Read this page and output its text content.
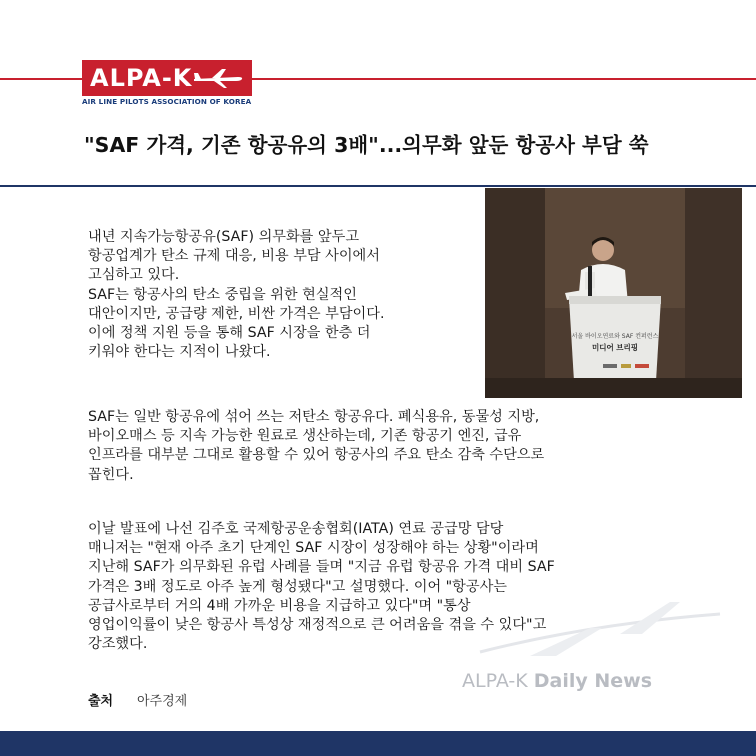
ALPA-K
AIR LINE PILOTS ASSOCIATION OF KOREA
"SAF 가격, 기존 항공유의 3배"...의무화 앞둔 항공사 부담 쑥
서울 바이오연료와 SAF 컨퍼런스
미디어 브리핑

내년 지속가능항공유(SAF) 의무화를 앞두고

항공업계가 탄소 규제 대응, 비용 부담 사이에서

고심하고 있다.

SAF는 항공사의 탄소 중립을 위한 현실적인

대안이지만, 공급량 제한, 비싼 가격은 부담이다.

이에 정책 지원 등을 통해 SAF 시장을 한층 더

키워야 한다는 지적이 나왔다.

SAF는 일반 항공유에 섞어 쓰는 저탄소 항공유다. 폐식용유, 동물성 지방,

바이오매스 등 지속 가능한 원료로 생산하는데, 기존 항공기 엔진, 급유

인프라를 대부분 그대로 활용할 수 있어 항공사의 주요 탄소 감축 수단으로

꼽힌다.

이날 발표에 나선 김주호 국제항공운송협회(IATA) 연료 공급망 담당

매니저는 "현재 아주 초기 단계인 SAF 시장이 성장해야 하는 상황"이라며

지난해 SAF가 의무화된 유럽 사례를 들며 "지금 유럽 항공유 가격 대비 SAF

가격은 3배 정도로 아주 높게 형성됐다"고 설명했다. 이어 "항공사는

공급사로부터 거의 4배 가까운 비용을 지급하고 있다"며 "통상

영업이익률이 낮은 항공사 특성상 재정적으로 큰 어려움을 겪을 수 있다"고

강조했다.

ALPA-K Daily News
출처 아주경제
